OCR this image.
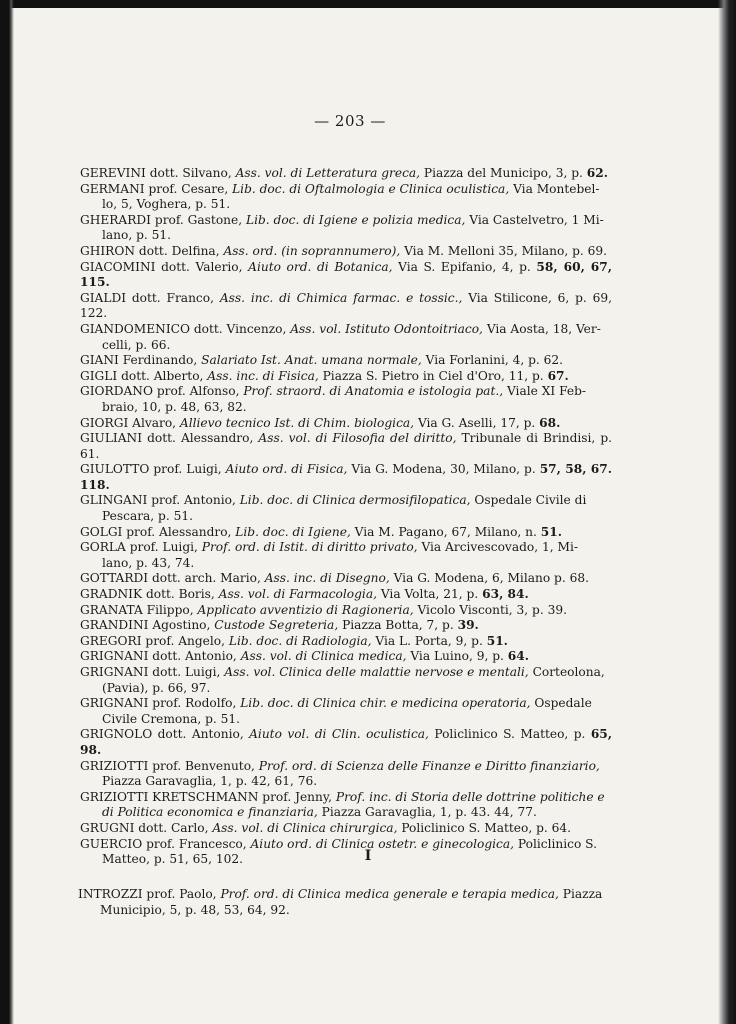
— 203 —

GEREVINI dott. Silvano, Ass. vol. di Letteratura greca, Piazza del Municipo, 3, p. 62.

GERMANI prof. Cesare, Lib. doc. di Oftalmologia e Clinica oculistica, Via Montebel-
lo, 5, Voghera, p. 51.

GHERARDI prof. Gastone, Lib. doc. di Igiene e polizia medica, Via Castelvetro, 1 Mi-
lano, p. 51.

GHIRON dott. Delfina, Ass. ord. (in soprannumero), Via M. Melloni 35, Milano, p. 69.

GIACOMINI dott. Valerio, Aiuto ord. di Botanica, Via S. Epifanio, 4, p. 58, 60, 67, 115.

GIALDI dott. Franco, Ass. inc. di Chimica farmac. e tossic., Via Stilicone, 6, p. 69, 122.

GIANDOMENICO dott. Vincenzo, Ass. vol. Istituto Odontoitriaco, Via Aosta, 18, Ver-
celli, p. 66.

GIANI Ferdinando, Salariato Ist. Anat. umana normale, Via Forlanini, 4, p. 62.

GIGLI dott. Alberto, Ass. inc. di Fisica, Piazza S. Pietro in Ciel d'Oro, 11, p. 67.

GIORDANO prof. Alfonso, Prof. straord. di Anatomia e istologia pat., Viale XI Feb-
braio, 10, p. 48, 63, 82.

GIORGI Alvaro, Allievo tecnico Ist. di Chim. biologica, Via G. Aselli, 17, p. 68.

GIULIANI dott. Alessandro, Ass. vol. di Filosofia del diritto, Tribunale di Brindisi, p. 61.

GIULOTTO prof. Luigi, Aiuto ord. di Fisica, Via G. Modena, 30, Milano, p. 57, 58, 67. 118.

GLINGANI prof. Antonio, Lib. doc. di Clinica dermosifilopatica, Ospedale Civile di
Pescara, p. 51.

GOLGI prof. Alessandro, Lib. doc. di Igiene, Via M. Pagano, 67, Milano, n. 51.

GORLA prof. Luigi, Prof. ord. di Istit. di diritto privato, Via Arcivescovado, 1, Mi-
lano, p. 43, 74.

GOTTARDI dott. arch. Mario, Ass. inc. di Disegno, Via G. Modena, 6, Milano p. 68.

GRADNIK dott. Boris, Ass. vol. di Farmacologia, Via Volta, 21, p. 63, 84.

GRANATA Filippo, Applicato avventizio di Ragioneria, Vicolo Visconti, 3, p. 39.

GRANDINI Agostino, Custode Segreteria, Piazza Botta, 7, p. 39.

GREGORI prof. Angelo, Lib. doc. di Radiologia, Via L. Porta, 9, p. 51.

GRIGNANI dott. Antonio, Ass. vol. di Clinica medica, Via Luino, 9, p. 64.

GRIGNANI dott. Luigi, Ass. vol. Clinica delle malattie nervose e mentali, Corteolona,
(Pavia), p. 66, 97.

GRIGNANI prof. Rodolfo, Lib. doc. di Clinica chir. e medicina operatoria, Ospedale
Civile Cremona, p. 51.

GRIGNOLO dott. Antonio, Aiuto vol. di Clin. oculistica, Policlinico S. Matteo, p. 65, 98.

GRIZIOTTI prof. Benvenuto, Prof. ord. di Scienza delle Finanze e Diritto finanziario,
Piazza Garavaglia, 1, p. 42, 61, 76.

GRIZIOTTI KRETSCHMANN prof. Jenny, Prof. inc. di Storia delle dottrine politiche e
di Politica economica e finanziaria, Piazza Garavaglia, 1, p. 43. 44, 77.

GRUGNI dott. Carlo, Ass. vol. di Clinica chirurgica, Policlinico S. Matteo, p. 64.

GUERCIO prof. Francesco, Aiuto ord. di Clinica ostetr. e ginecologica, Policlinico S.
Matteo, p. 51, 65, 102.	I

INTROZZI prof. Paolo, Prof. ord. di Clinica medica generale e terapia medica, Piazza
Municipio, 5, p. 48, 53, 64, 92.
